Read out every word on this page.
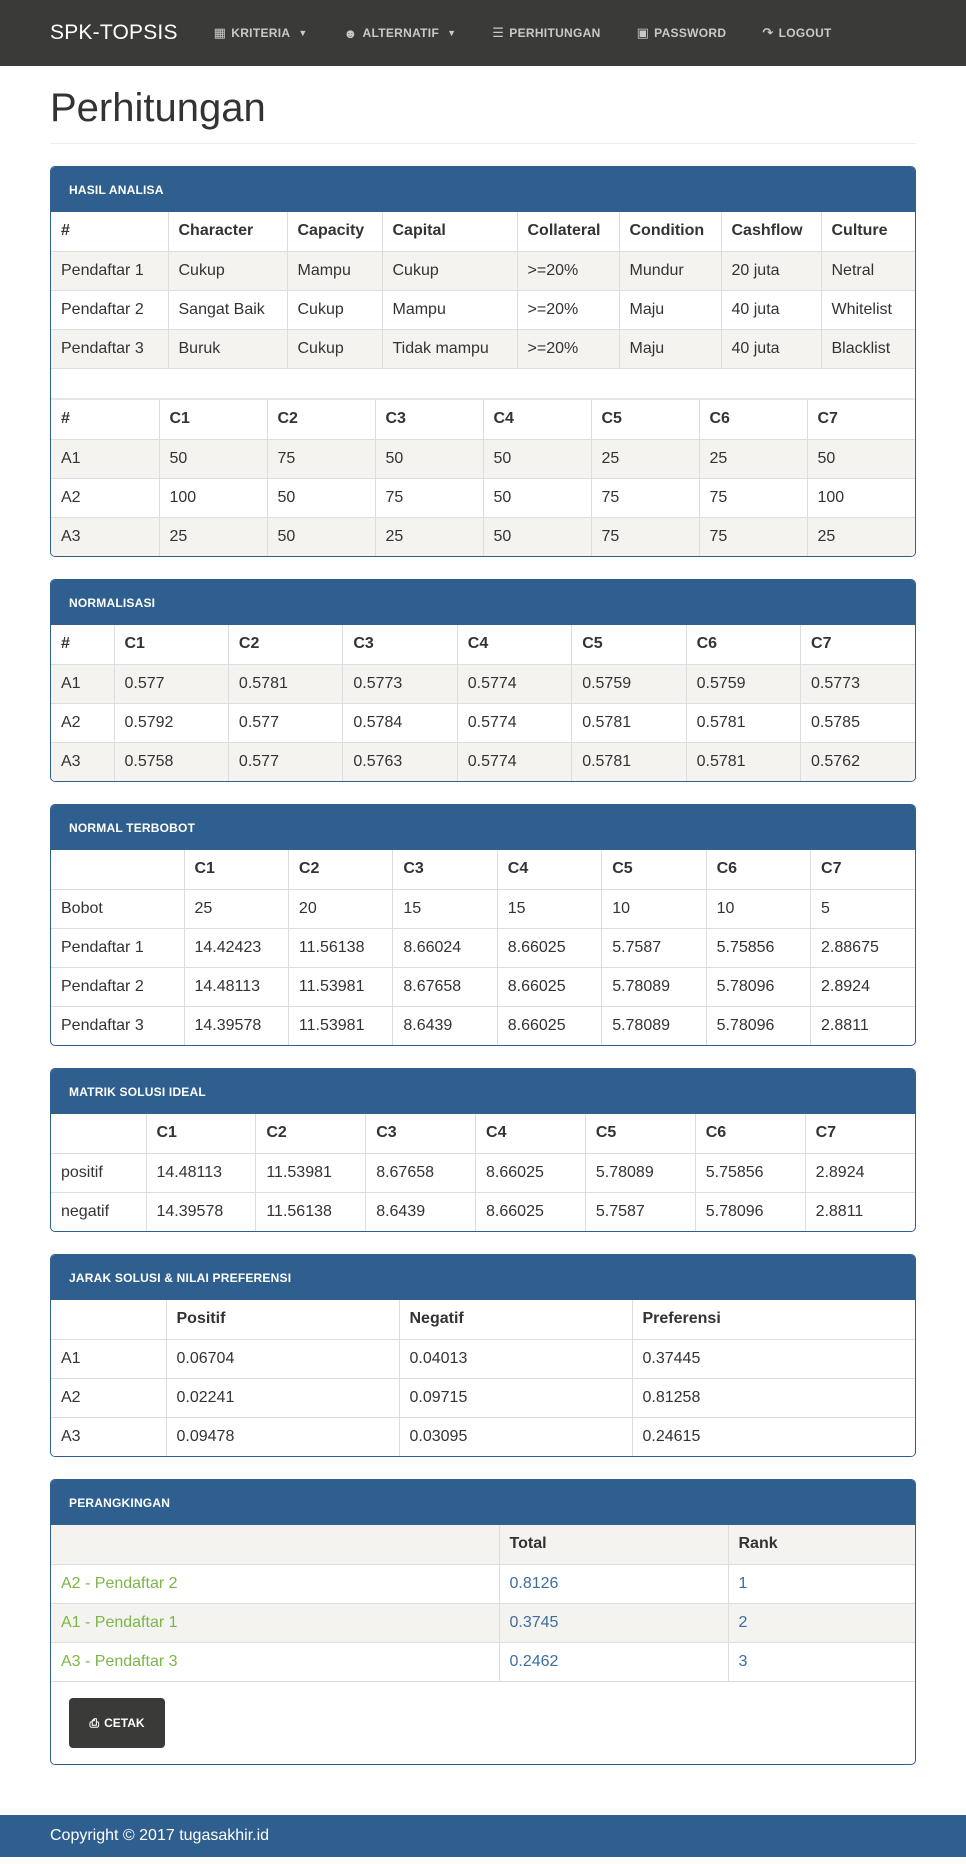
SPK-TOPSIS	▦ KRITERIA ▼	☻ ALTERNATIF ▼	☰ PERHITUNGAN	▣ PASSWORD	↷ LOGOUT
Perhitungan
HASIL ANALISA
#	Character	Capacity	Capital	Collateral	Condition	Cashflow	Culture
Pendaftar 1	Cukup	Mampu	Cukup	>=20%	Mundur	20 juta	Netral
Pendaftar 2	Sangat Baik	Cukup	Mampu	>=20%	Maju	40 juta	Whitelist
Pendaftar 3	Buruk	Cukup	Tidak mampu	>=20%	Maju	40 juta	Blacklist
#	C1	C2	C3	C4	C5	C6	C7
A1	50	75	50	50	25	25	50
A2	100	50	75	50	75	75	100
A3	25	50	25	50	75	75	25
NORMALISASI
#	C1	C2	C3	C4	C5	C6	C7
A1	0.577	0.5781	0.5773	0.5774	0.5759	0.5759	0.5773
A2	0.5792	0.577	0.5784	0.5774	0.5781	0.5781	0.5785
A3	0.5758	0.577	0.5763	0.5774	0.5781	0.5781	0.5762
NORMAL TERBOBOT
	C1	C2	C3	C4	C5	C6	C7
Bobot	25	20	15	15	10	10	5
Pendaftar 1	14.42423	11.56138	8.66024	8.66025	5.7587	5.75856	2.88675
Pendaftar 2	14.48113	11.53981	8.67658	8.66025	5.78089	5.78096	2.8924
Pendaftar 3	14.39578	11.53981	8.6439	8.66025	5.78089	5.78096	2.8811
MATRIK SOLUSI IDEAL
	C1	C2	C3	C4	C5	C6	C7
positif	14.48113	11.53981	8.67658	8.66025	5.78089	5.75856	2.8924
negatif	14.39578	11.56138	8.6439	8.66025	5.7587	5.78096	2.8811
JARAK SOLUSI & NILAI PREFERENSI
	Positif	Negatif	Preferensi
A1	0.06704	0.04013	0.37445
A2	0.02241	0.09715	0.81258
A3	0.09478	0.03095	0.24615
PERANGKINGAN
	Total	Rank
A2 - Pendaftar 2	0.8126	1
A1 - Pendaftar 1	0.3745	2
A3 - Pendaftar 3	0.2462	3
⎙ CETAK
Copyright © 2017 tugasakhir.id
